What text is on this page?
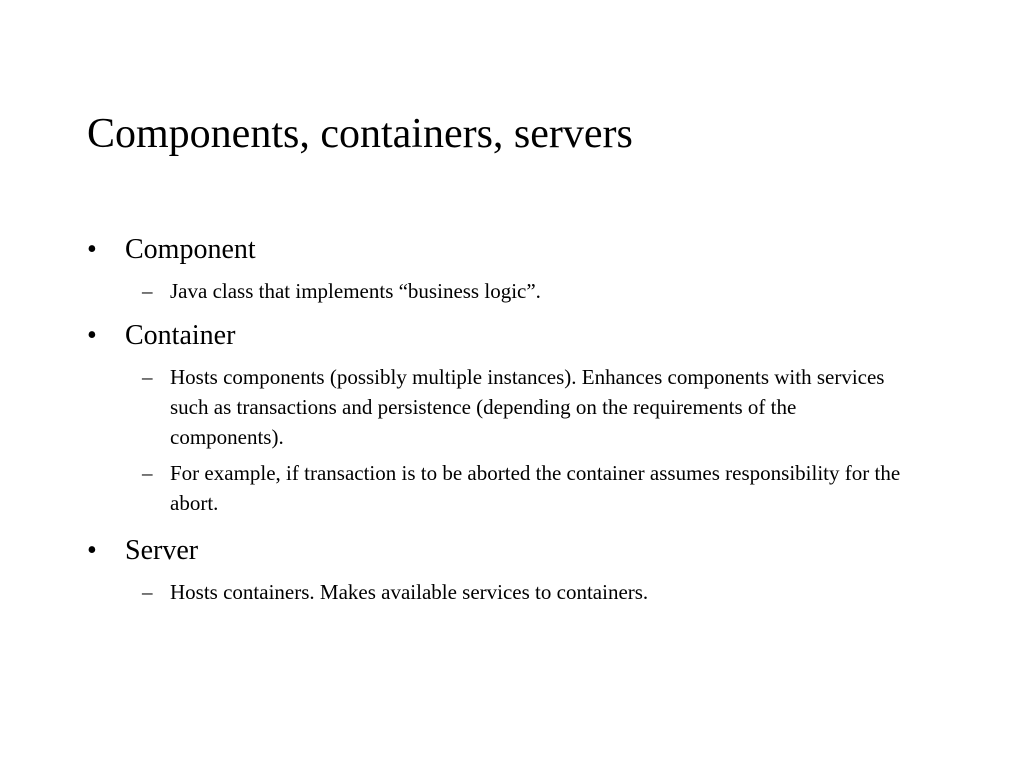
Components, containers, servers
• Component
– Java class that implements “business logic”.
• Container
– Hosts components (possibly multiple instances). Enhances components with services such as transactions and persistence (depending on the requirements of the components).
– For example, if transaction is to be aborted the container assumes responsibility for the abort.
• Server
– Hosts containers. Makes available services to containers.
